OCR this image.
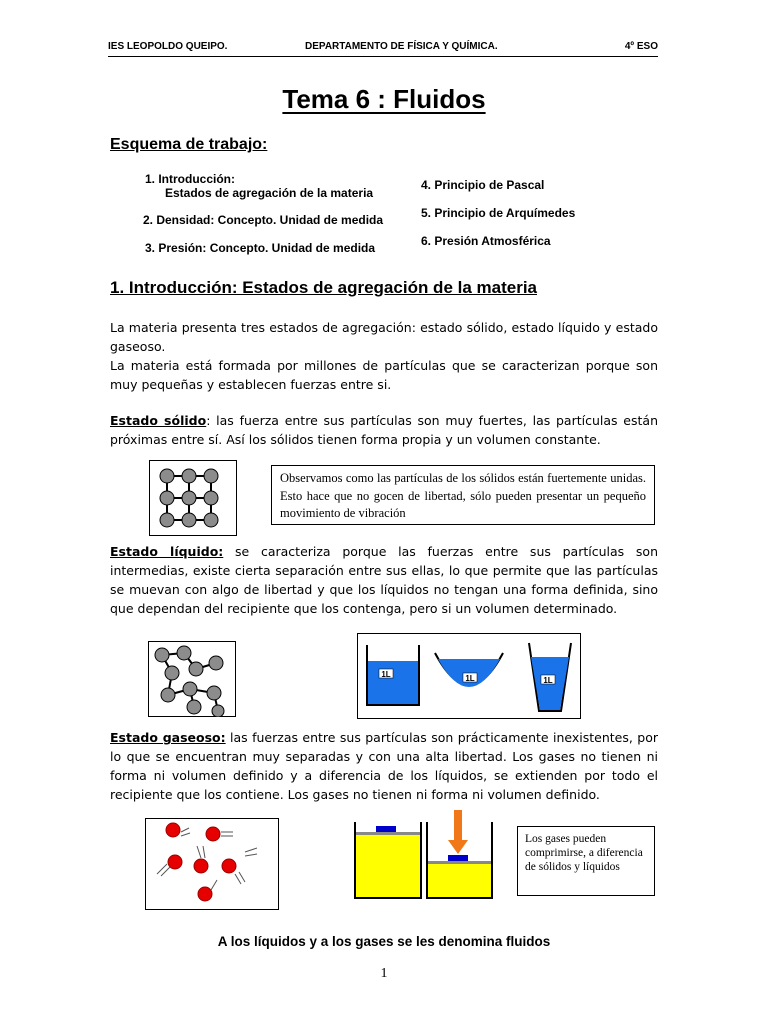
IES LEOPOLDO QUEIPO.	DEPARTAMENTO DE FÍSICA Y QUÍMICA.	4º ESO
Tema 6 : Fluidos
Esquema de trabajo:
1. Introducción:
Estados de agregación de la materia
2. Densidad: Concepto. Unidad de medida
3. Presión: Concepto. Unidad de medida
4. Principio de Pascal
5. Principio de Arquímedes
6. Presión Atmosférica
1. Introducción: Estados de agregación de la materia
La materia presenta tres estados de agregación: estado sólido, estado líquido y estado gaseoso.
La materia está formada por millones de partículas que se caracterizan porque son muy pequeñas y establecen fuerzas entre si.
Estado sólido: las fuerza entre sus partículas son muy fuertes, las partículas están próximas entre sí. Así los sólidos tienen forma propia y un volumen constante.
Observamos como las partículas de los sólidos están fuertemente unidas. Esto hace que no gocen de libertad, sólo pueden presentar un pequeño movimiento de vibración
Estado líquido: se caracteriza porque las fuerzas entre sus partículas son intermedias, existe cierta separación entre sus ellas, lo que permite que las partículas se muevan con algo de libertad y que los líquidos no tengan una forma definida, sino que dependan del recipiente que los contenga, pero si un volumen determinado.
1L	1L	1L
Estado gaseoso: las fuerzas entre sus partículas son prácticamente inexistentes, por lo que se encuentran muy separadas y con una alta libertad. Los gases no tienen ni forma ni volumen definido y a diferencia de los líquidos, se extienden por todo el recipiente que los contiene. Los gases no tienen ni forma ni volumen definido.
Los gases pueden comprimirse, a diferencia de sólidos y líquidos
A los líquidos y a los gases se les denomina fluidos
1
